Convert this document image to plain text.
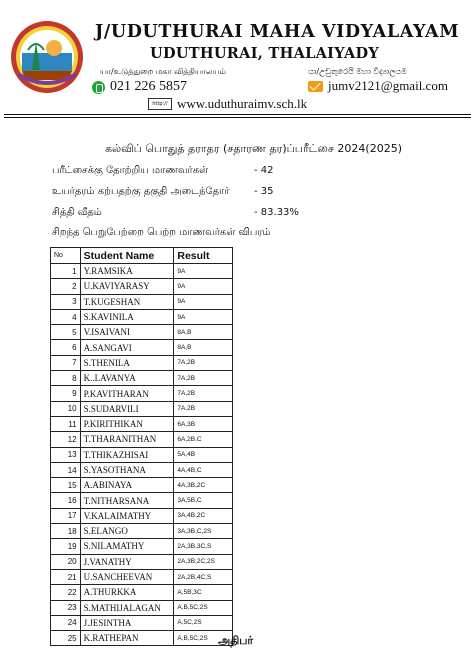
J/UDUTHURAI MAHA VIDYALAYAM
UDUTHURAI, THALAIYADY
யா/உடுத்துறை மகா வித்தியாலயம்	යා/උඩුතුරෙයි මහා විද්‍යාලයම
021 226 5857	jumv2121@gmail.com
http:// www.uduthuraimv.sch.lk
கல்விப் பொதுத் தராதர (சதாரண தர)ப்பரீட்சை 2024(2025)
பரீட்சைக்கு தோற்றிய மாணவர்கள்	- 42
உயர்தரம் கற்பதற்கு தகுதி அடைந்தோர் - 35
சித்தி வீதம்	- 83.33%
சிறந்த பெறுபேற்றை பெற்ற மாணவர்கள் விபரம்
No	Student Name	Result
1	Y.RAMSIKA	9A
2	U.KAVIYARASY	9A
3	T.KUGESHAN	9A
4	S.KAVINILA	9A
5	V.ISAIVANI	8A,B
6	A.SANGAVI	8A,B
7	S.THENILA	7A,2B
8	K..LAVANYA	7A,2B
9	P.KAVITHARAN	7A,2B
10	S.SUDARVILI	7A,2B
11	P.KIRITHIKAN	6A,3B
12	T.THARANITHAN	6A,2B,C
13	T.THIKAZHISAI	5A,4B
14	S.YASOTHANA	4A,4B,C
15	A.ABINAYA	4A,3B,2C
16	T.NITHARSANA	3A,5B,C
17	V.KALAIMATHY	3A,4B,2C
18	S.ELANGO	3A,3B,C,2S
19	S.NILAMATHY	2A,3B,3C,S
20	J.VANATHY	2A,3B,2C,2S
21	U.SANCHEEVAN	2A,2B,4C,S
22	A.THURKKA	A,5B,3C
23	S.MATHIJALAGAN	A,B,5C,2S
24	J.JESINTHA	A,5C,2S
25	K.RATHEPAN	A,B,5C,2S அதிபர்
